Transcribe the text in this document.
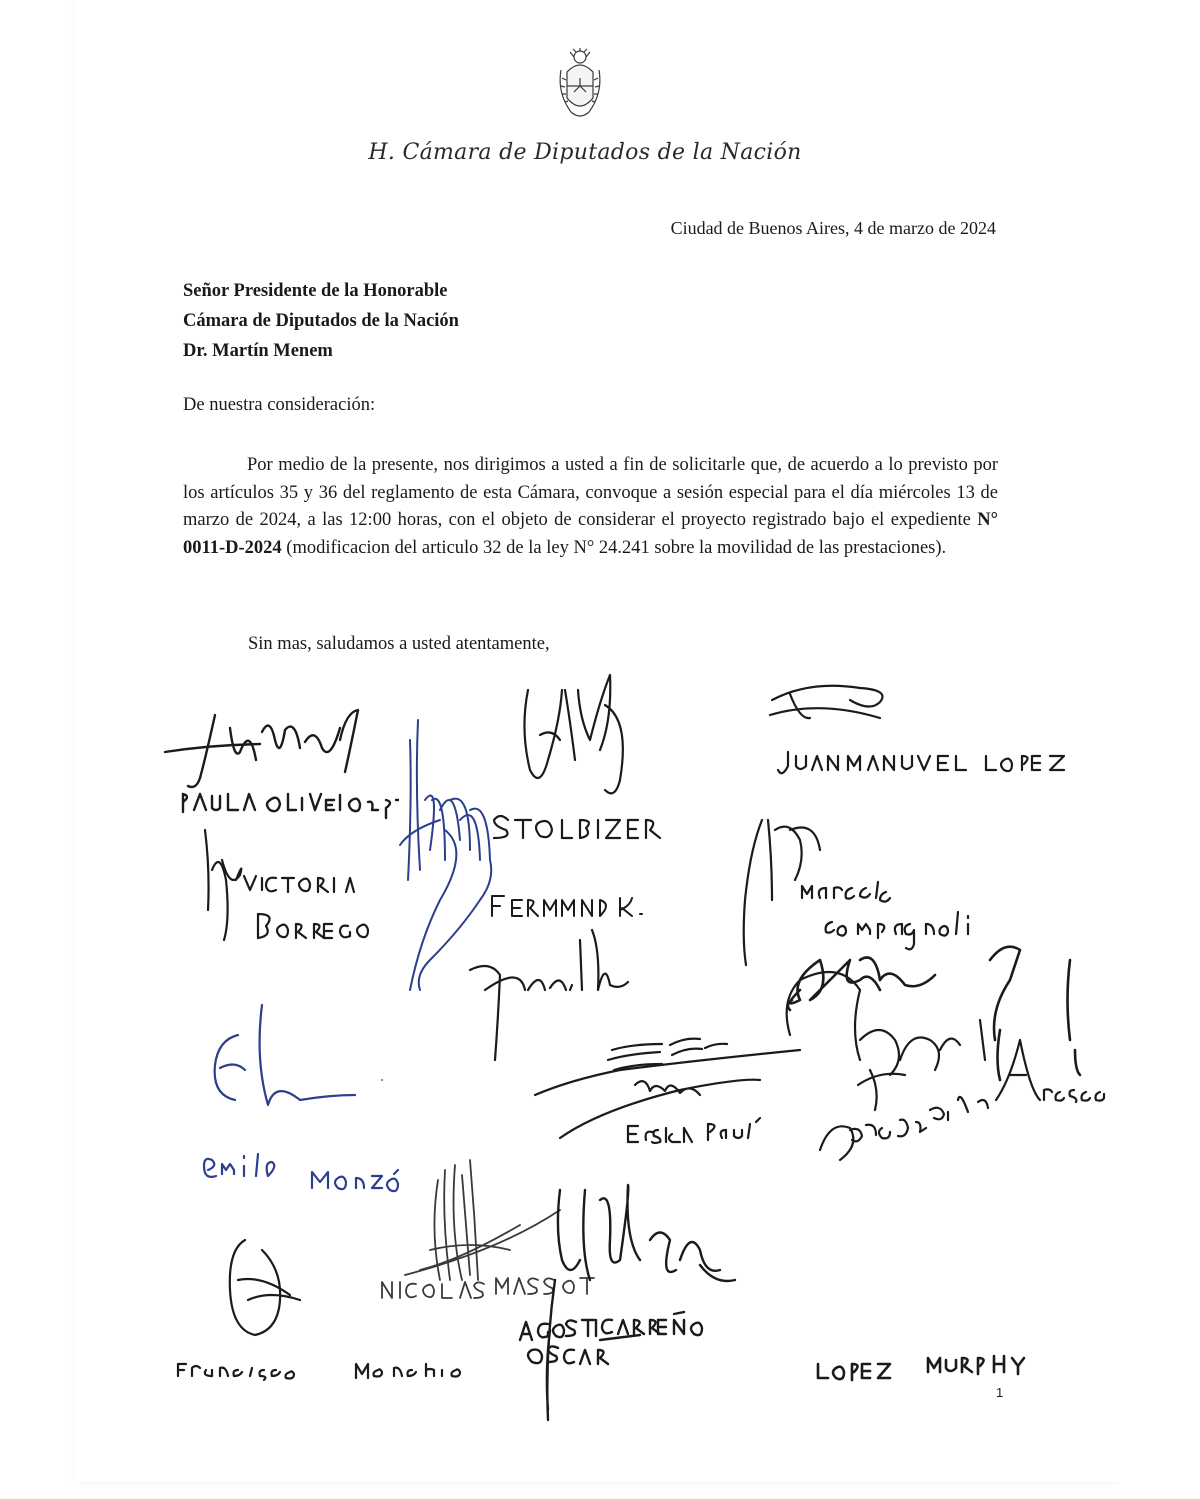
H. Cámara de Diputados de la Nación
Ciudad de Buenos Aires, 4 de marzo de 2024
Señor Presidente de la Honorable
Cámara de Diputados de la Nación
Dr. Martín Menem
De nuestra consideración:
Por medio de la presente, nos dirigimos a usted a fin de solicitarle que, de acuerdo a lo previsto por los artículos 35 y 36 del reglamento de esta Cámara, convoque a sesión especial para el día miércoles 13 de marzo de 2024, a las 12:00 horas, con el objeto de considerar el proyecto registrado bajo el expediente N° 0011-D-2024 (modificacion del articulo 32 de la ley N° 24.241 sobre la movilidad de las prestaciones).
Sin mas, saludamos a usted atentamente,
1
